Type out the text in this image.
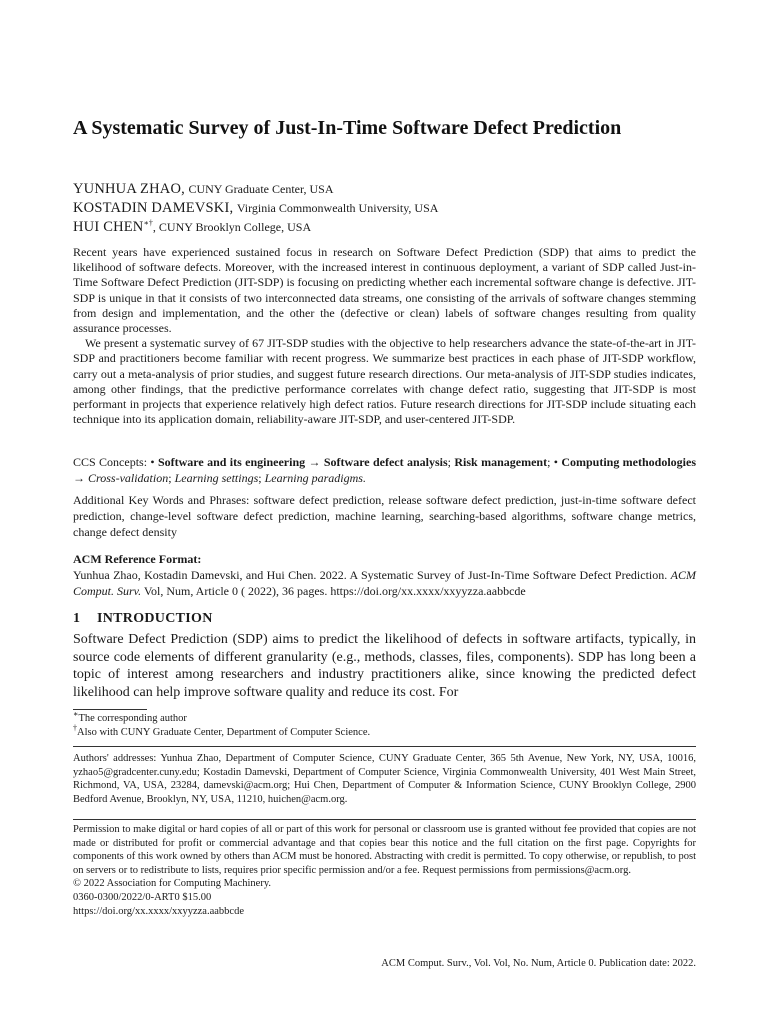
A Systematic Survey of Just-In-Time Software Defect Prediction
YUNHUA ZHAO, CUNY Graduate Center, USA
KOSTADIN DAMEVSKI, Virginia Commonwealth University, USA
HUI CHEN∗†, CUNY Brooklyn College, USA

Recent years have experienced sustained focus in research on Software Defect Prediction (SDP) that aims to predict the likelihood of software defects. Moreover, with the increased interest in continuous deployment, a variant of SDP called Just-in-Time Software Defect Prediction (JIT-SDP) is focusing on predicting whether each incremental software change is defective. JIT-SDP is unique in that it consists of two interconnected data streams, one consisting of the arrivals of software changes stemming from design and implementation, and the other the (defective or clean) labels of software changes resulting from quality assurance processes.

We present a systematic survey of 67 JIT-SDP studies with the objective to help researchers advance the state-of-the-art in JIT-SDP and practitioners become familiar with recent progress. We summarize best practices in each phase of JIT-SDP workflow, carry out a meta-analysis of prior studies, and suggest future research directions. Our meta-analysis of JIT-SDP studies indicates, among other findings, that the predictive performance correlates with change defect ratio, suggesting that JIT-SDP is most performant in projects that experience relatively high defect ratios. Future research directions for JIT-SDP include situating each technique into its application domain, reliability-aware JIT-SDP, and user-centered JIT-SDP.

CCS Concepts: • Software and its engineering → Software defect analysis; Risk management; • Computing methodologies → Cross-validation; Learning settings; Learning paradigms.
Additional Key Words and Phrases: software defect prediction, release software defect prediction, just-in-time software defect prediction, change-level software defect prediction, machine learning, searching-based algorithms, software change metrics, change defect density
ACM Reference Format:
Yunhua Zhao, Kostadin Damevski, and Hui Chen. 2022. A Systematic Survey of Just-In-Time Software Defect Prediction. ACM Comput. Surv. Vol, Num, Article 0 ( 2022), 36 pages. https://doi.org/xx.xxxx/xxyyzza.aabbcde
1 INTRODUCTION

Software Defect Prediction (SDP) aims to predict the likelihood of defects in software artifacts, typically, in source code elements of different granularity (e.g., methods, classes, files, components). SDP has long been a topic of interest among researchers and industry practitioners alike, since knowing the predicted defect likelihood can help improve software quality and reduce its cost. For

∗The corresponding author
†Also with CUNY Graduate Center, Department of Computer Science.
Authors' addresses: Yunhua Zhao, Department of Computer Science, CUNY Graduate Center, 365 5th Avenue, New York, NY, USA, 10016, yzhao5@gradcenter.cuny.edu; Kostadin Damevski, Department of Computer Science, Virginia Commonwealth University, 401 West Main Street, Richmond, VA, USA, 23284, damevski@acm.org; Hui Chen, Department of Computer & Information Science, CUNY Brooklyn College, 2900 Bedford Avenue, Brooklyn, NY, USA, 11210, huichen@acm.org.
Permission to make digital or hard copies of all or part of this work for personal or classroom use is granted without fee provided that copies are not made or distributed for profit or commercial advantage and that copies bear this notice and the full citation on the first page. Copyrights for components of this work owned by others than ACM must be honored. Abstracting with credit is permitted. To copy otherwise, or republish, to post on servers or to redistribute to lists, requires prior specific permission and/or a fee. Request permissions from permissions@acm.org.
© 2022 Association for Computing Machinery.
0360-0300/2022/0-ART0 $15.00
https://doi.org/xx.xxxx/xxyyzza.aabbcde
ACM Comput. Surv., Vol. Vol, No. Num, Article 0. Publication date: 2022.
